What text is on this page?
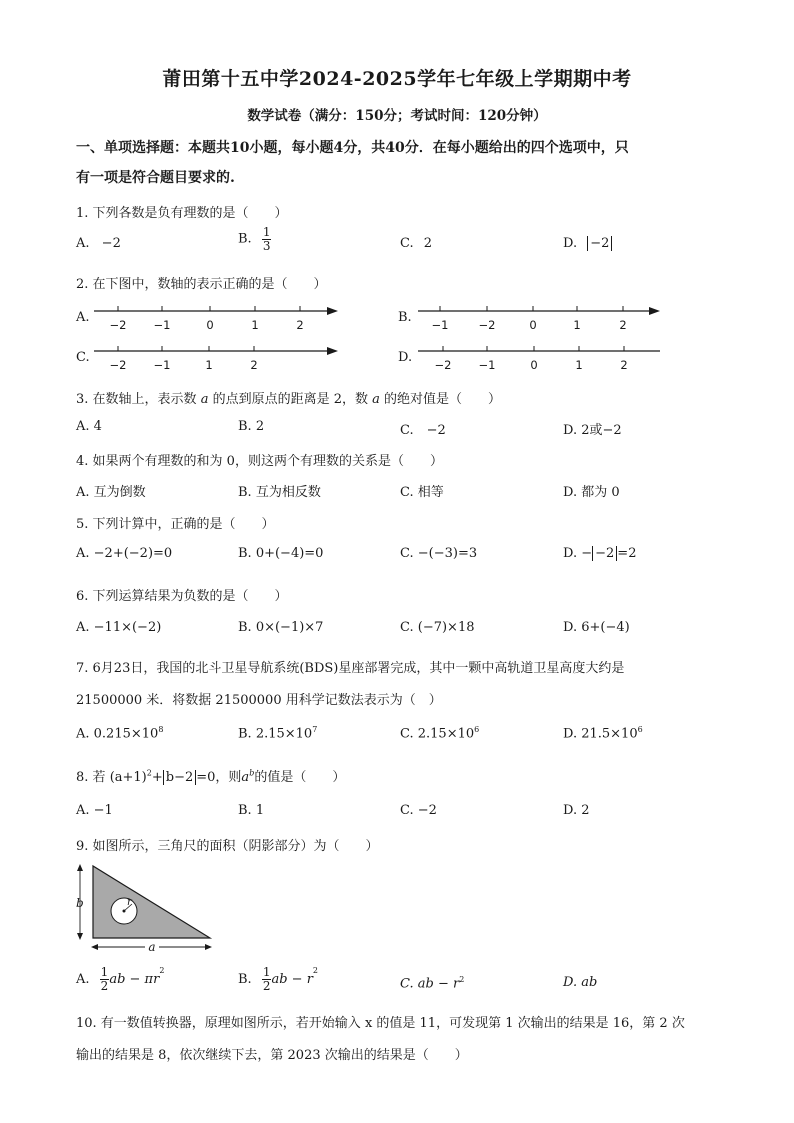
莆田第十五中学2024-2025学年七年级上学期期中考
数学试卷（满分：150分；考试时间：120分钟）
一、单项选择题：本题共10小题，每小题4分，共40分．在每小题给出的四个选项中，只
有一项是符合题目要求的.
1. 下列各数是负有理数的是（　　）
A. −2	B. $\frac{1}{3}$	C. 2	D. −2
2. 在下图中，数轴的表示正确的是（　　）
A. −2 −1	0	1	2	B. −1	−2	0	1	2
C. −2 −1	1	2	D. −2 −1	0	1	2
3. 在数轴上，表示数 a 的点到原点的距离是 2，数 a 的绝对值是（　　）
A. 4	B. 2	C.　−2	D. 2或−2
4. 如果两个有理数的和为 0，则这两个有理数的关系是（　　）
A. 互为倒数	B. 互为相反数	C. 相等	D. 都为 0
5. 下列计算中，正确的是（　　）
A. −2+(−2)=0	B. 0+(−4)=0	C. −(−3)=3	D. − −2 =2
6. 下列运算结果为负数的是（　　）
A. −11×(−2)	B. 0×(−1)×7	C. (−7)×18	D. 6+(−4)
7. 6月23日，我国的北斗卫星导航系统(BDS)星座部署完成，其中一颗中高轨道卫星高度大约是
21500000 米．将数据 21500000 用科学记数法表示为（　）
A. $0.215\times 10^8$	B. $2.15\times 10^7$	C. $2.15\times 10^6$	D. $21.5\times 10^6$
8. 若 $(a+1)^2+ b-2 =0$，则$a^b$的值是（　　）
A. −1	B. 1	C. −2	D. 2
9. 如图所示，三角尺的面积（阴影部分）为（　　）
r
b
a
A. $\frac{1}{2}$ ab − $\pi r^2$
B. $\frac{1}{2}$ ab − $r^2$
C. ab − $r^2$	D. ab
10. 有一数值转换器，原理如图所示，若开始输入 x 的值是 11，可发现第 1 次输出的结果是 16，第 2 次
输出的结果是 8，依次继续下去，第 2023 次输出的结果是（　　）
